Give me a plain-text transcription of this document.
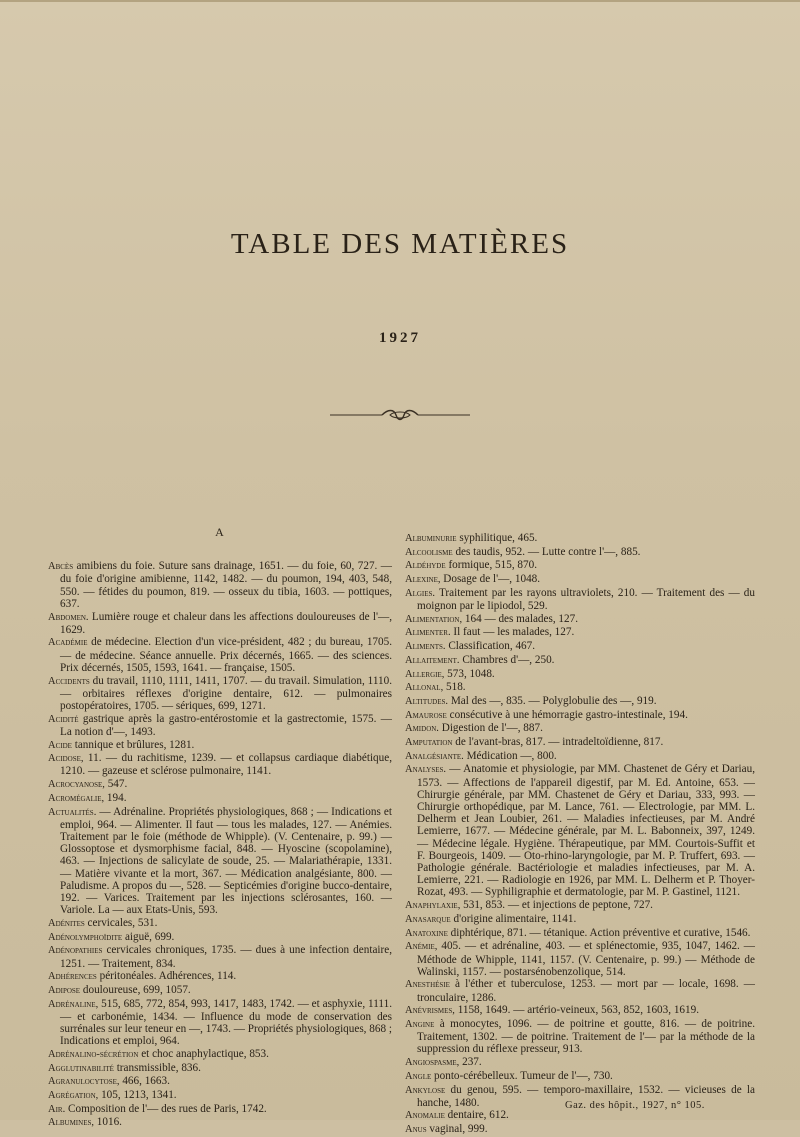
TABLE DES MATIÈRES
1927
A
Abcès amibiens du foie. Suture sans drainage, 1651. — du foie, 60, 727. — du foie d'origine amibienne, 1142, 1482. — du poumon, 194, 403, 548, 550. — fétides du poumon, 819. — osseux du tibia, 1603. — pottiques, 637.
Abdomen. Lumière rouge et chaleur dans les affections douloureuses de l'—, 1629.
Académie de médecine. Election d'un vice-président, 482 ; du bureau, 1705. — de médecine. Séance annuelle. Prix décernés, 1665. — des sciences. Prix décernés, 1505, 1593, 1641. — française, 1505.
Accidents du travail, 1110, 1111, 1411, 1707. — du travail. Simulation, 1110. — orbitaires réflexes d'origine dentaire, 612. — pulmonaires postopératoires, 1705. — sériques, 699, 1271.
Acidité gastrique après la gastro-entérostomie et la gastrectomie, 1575. — La notion d'—, 1493.
Acide tannique et brûlures, 1281.
Acidose, 11. — du rachitisme, 1239. — et collapsus cardiaque diabétique, 1210. — gazeuse et sclérose pulmonaire, 1141.
Acrocyanose, 547.
Acromégalie, 194.
Actualités. — Adrénaline. Propriétés physiologiques, 868 ; — Indications et emploi, 964. — Alimenter. Il faut — tous les malades, 127. — Anémies. Traitement par le foie (méthode de Whipple). (V. Centenaire, p. 99.) — Glossoptose et dysmorphisme facial, 848. — Hyoscine (scopolamine), 463. — Injections de salicylate de soude, 25. — Malariathérapie, 1331. — Matière vivante et la mort, 367. — Médication analgésiante, 800. — Paludisme. A propos du —, 528. — Septicémies d'origine bucco-dentaire, 192. — Varices. Traitement par les injections sclérosantes, 160. — Variole. La — aux Etats-Unis, 593.
Adénites cervicales, 531.
Adénolymphoïdite aiguë, 699.
Adénopathies cervicales chroniques, 1735. — dues à une infection dentaire, 1251. — Traitement, 834.
Adhérences péritonéales. Adhérences, 114.
Adipose douloureuse, 699, 1057.
Adrénaline, 515, 685, 772, 854, 993, 1417, 1483, 1742. — et asphyxie, 1111. — et carbonémie, 1434. — Influence du mode de conservation des surrénales sur leur teneur en —, 1743. — Propriétés physiologiques, 868 ; Indications et emploi, 964.
Adrénalino-sécrétion et choc anaphylactique, 853.
Agglutinabilité transmissible, 836.
Agranulocytose, 466, 1663.
Agrégation, 105, 1213, 1341.
Air. Composition de l'— des rues de Paris, 1742.
Albumines, 1016.
Albuminurie syphilitique, 465.
Alcoolisme des taudis, 952. — Lutte contre l'—, 885.
Aldéhyde formique, 515, 870.
Alexine, Dosage de l'—, 1048.
Algies. Traitement par les rayons ultraviolets, 210. — Traitement des — du moignon par le lipiodol, 529.
Alimentation, 164 — des malades, 127.
Alimenter. Il faut — les malades, 127.
Aliments. Classification, 467.
Allaitement. Chambres d'—, 250.
Allergie, 573, 1048.
Allonal, 518.
Altitudes. Mal des —, 835. — Polyglobulie des —, 919.
Amaurose consécutive à une hémorragie gastro-intestinale, 194.
Amidon. Digestion de l'—, 887.
Amputation de l'avant-bras, 817. — intradeltoïdienne, 817.
Analgésiante. Médication —, 800.
Analyses. — Anatomie et physiologie, par MM. Chastenet de Géry et Dariau, 1573. — Affections de l'appareil digestif, par M. Ed. Antoine, 653. — Chirurgie générale, par MM. Chastenet de Géry et Dariau, 333, 993. — Chirurgie orthopédique, par M. Lance, 761. — Electrologie, par MM. L. Delherm et Jean Loubier, 261. — Maladies infectieuses, par M. André Lemierre, 1677. — Médecine générale, par M. L. Babonneix, 397, 1249. — Médecine légale. Hygiène. Thérapeutique, par MM. Courtois-Suffit et F. Bourgeois, 1409. — Oto-rhino-laryngologie, par M. P. Truffert, 693. — Pathologie générale. Bactériologie et maladies infectieuses, par M. A. Lemierre, 221. — Radiologie en 1926, par MM. L. Delherm et P. Thoyer-Rozat, 493. — Syphiligraphie et dermatologie, par M. P. Gastinel, 1121.
Anaphylaxie, 531, 853. — et injections de peptone, 727.
Anasarque d'origine alimentaire, 1141.
Anatoxine diphtérique, 871. — tétanique. Action préventive et curative, 1546.
Anémie, 405. — et adrénaline, 403. — et splénectomie, 935, 1047, 1462. — Méthode de Whipple, 1141, 1157. (V. Centenaire, p. 99.) — Méthode de Walinski, 1157. — postarsénobenzolique, 514.
Anesthésie à l'éther et tuberculose, 1253. — mort par — locale, 1698. — tronculaire, 1286.
Anévrismes, 1158, 1649. — artério-veineux, 563, 852, 1603, 1619.
Angine à monocytes, 1096. — de poitrine et goutte, 816. — de poitrine. Traitement, 1302. — de poitrine. Traitement de l'— par la méthode de la suppression du réflexe presseur, 913.
Angiospasme, 237.
Angle ponto-cérébelleux. Tumeur de l'—, 730.
Ankylose du genou, 595. — temporo-maxillaire, 1532. — vicieuses de la hanche, 1480.
Anomalie dentaire, 612.
Anus vaginal, 999.
Gaz. des hôpit., 1927, n° 105.
